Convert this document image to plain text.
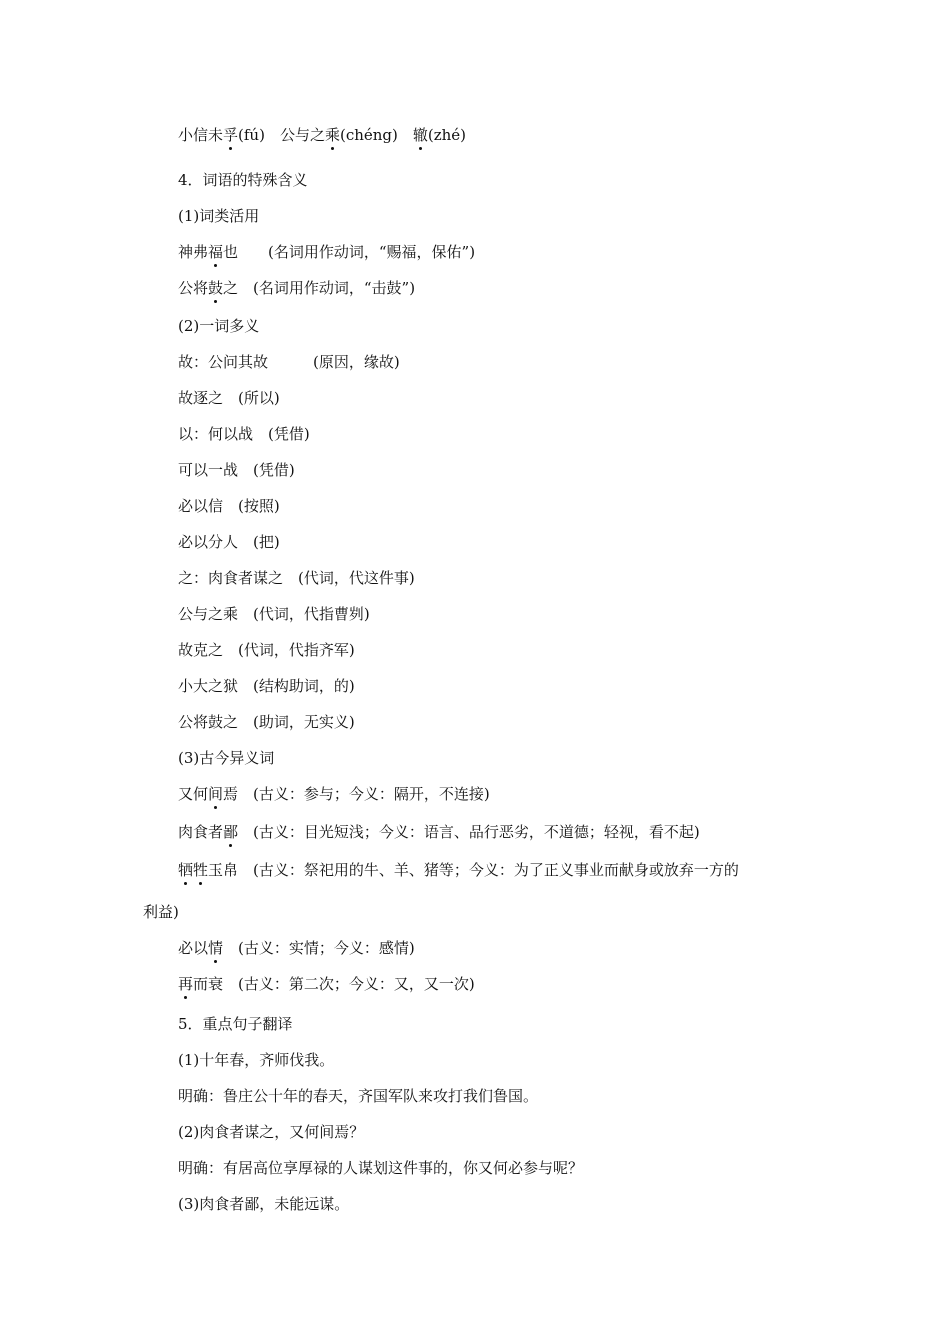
小信未孚(fú)　公与之乘(chéng)　辙(zhé)
4．词语的特殊含义
(1)词类活用
神弗福也　　(名词用作动词，“赐福，保佑”)
公将鼓之　(名词用作动词，“击鼓”)
(2)一词多义
故：公问其故　　　(原因，缘故)
故逐之　(所以)
以：何以战　(凭借)
可以一战　(凭借)
必以信　(按照)
必以分人　(把)
之：肉食者谋之　(代词，代这件事)
公与之乘　(代词，代指曹刿)
故克之　(代词，代指齐军)
小大之狱　(结构助词，的)
公将鼓之　(助词，无实义)
(3)古今异义词
又何间焉　(古义：参与；今义：隔开，不连接)
肉食者鄙　(古义：目光短浅；今义：语言、品行恶劣，不道德；轻视，看不起)
牺牲玉帛　(古义：祭祀用的牛、羊、猪等；今义：为了正义事业而献身或放弃一方的
利益)
必以情　(古义：实情；今义：感情)
再而衰　(古义：第二次；今义：又，又一次)
5．重点句子翻译
(1)十年春，齐师伐我。
明确：鲁庄公十年的春天，齐国军队来攻打我们鲁国。
(2)肉食者谋之，又何间焉？
明确：有居高位享厚禄的人谋划这件事的，你又何必参与呢？
(3)肉食者鄙，未能远谋。
